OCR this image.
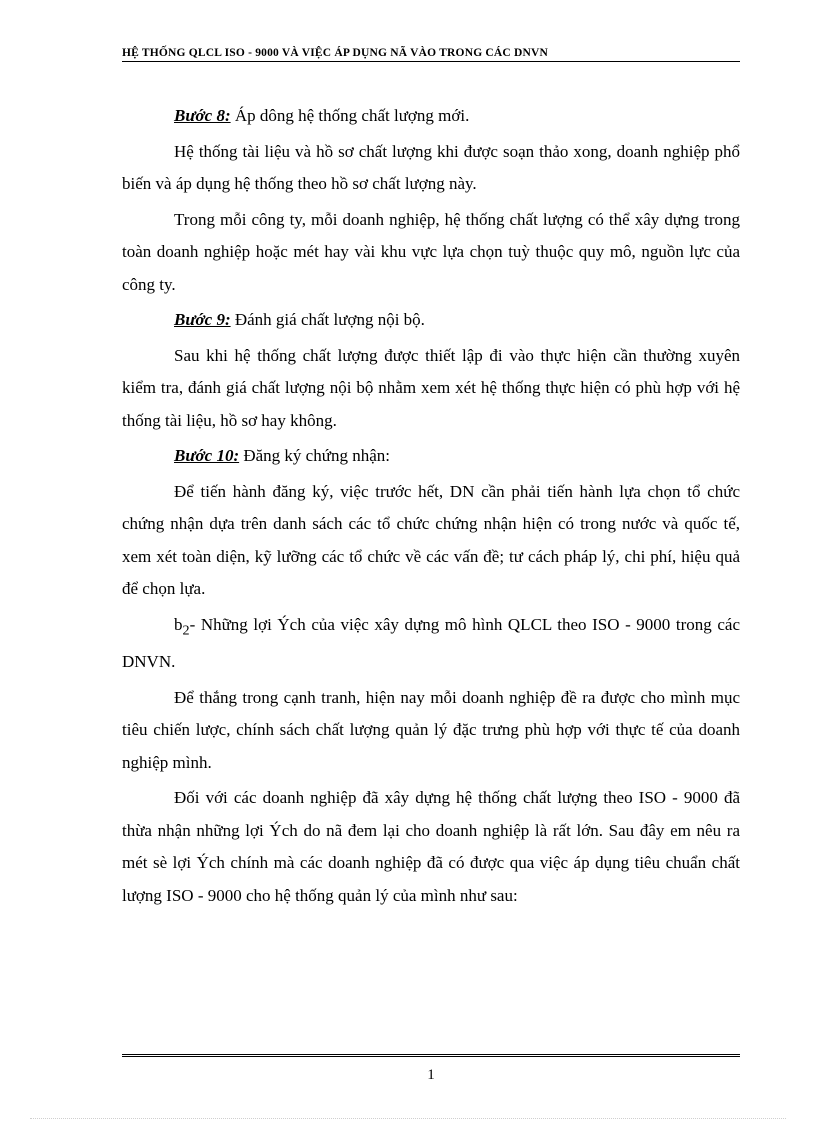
HỆ THỐNG QLCL ISO - 9000 VÀ VIỆC ÁP DỤNG NÃ VÀO TRONG CÁC DNVN

Bước 8: Áp dông hệ thống chất lượng mới.

Hệ thống tài liệu và hồ sơ chất lượng khi được soạn thảo xong, doanh nghiệp phổ biến và áp dụng hệ thống theo hồ sơ chất lượng này.

Trong mỗi công ty, mỗi doanh nghiệp, hệ thống chất lượng có thể xây dựng trong toàn doanh nghiệp hoặc mét hay vài khu vực lựa chọn tuỳ thuộc quy mô, nguồn lực của công ty.

Bước 9: Đánh giá chất lượng nội bộ.

Sau khi hệ thống chất lượng được thiết lập đi vào thực hiện cần thường xuyên kiểm tra, đánh giá chất lượng nội bộ nhằm xem xét hệ thống thực hiện có phù hợp với hệ thống tài liệu, hồ sơ hay không.

Bước 10: Đăng ký chứng nhận:

Để tiến hành đăng ký, việc trước hết, DN cần phải tiến hành lựa chọn tổ chức chứng nhận dựa trên danh sách các tổ chức chứng nhận hiện có trong nước và quốc tế, xem xét toàn diện, kỹ lưỡng các tổ chức về các vấn đề; tư cách pháp lý, chi phí, hiệu quả để chọn lựa.

$b_2-$ Những lợi Ých của việc xây dựng mô hình QLCL theo ISO - 9000 trong các DNVN.

Để thắng trong cạnh tranh, hiện nay mỗi doanh nghiệp đề ra được cho mình mục tiêu chiến lược, chính sách chất lượng quản lý đặc trưng phù hợp với thực tế của doanh nghiệp mình.

Đối với các doanh nghiệp đã xây dựng hệ thống chất lượng theo ISO - 9000 đã thừa nhận những lợi Ých do nã đem lại cho doanh nghiệp là rất lớn. Sau đây em nêu ra mét sè lợi Ých chính mà các doanh nghiệp đã có được qua việc áp dụng tiêu chuẩn chất lượng ISO - 9000 cho hệ thống quản lý của mình như sau:

1
